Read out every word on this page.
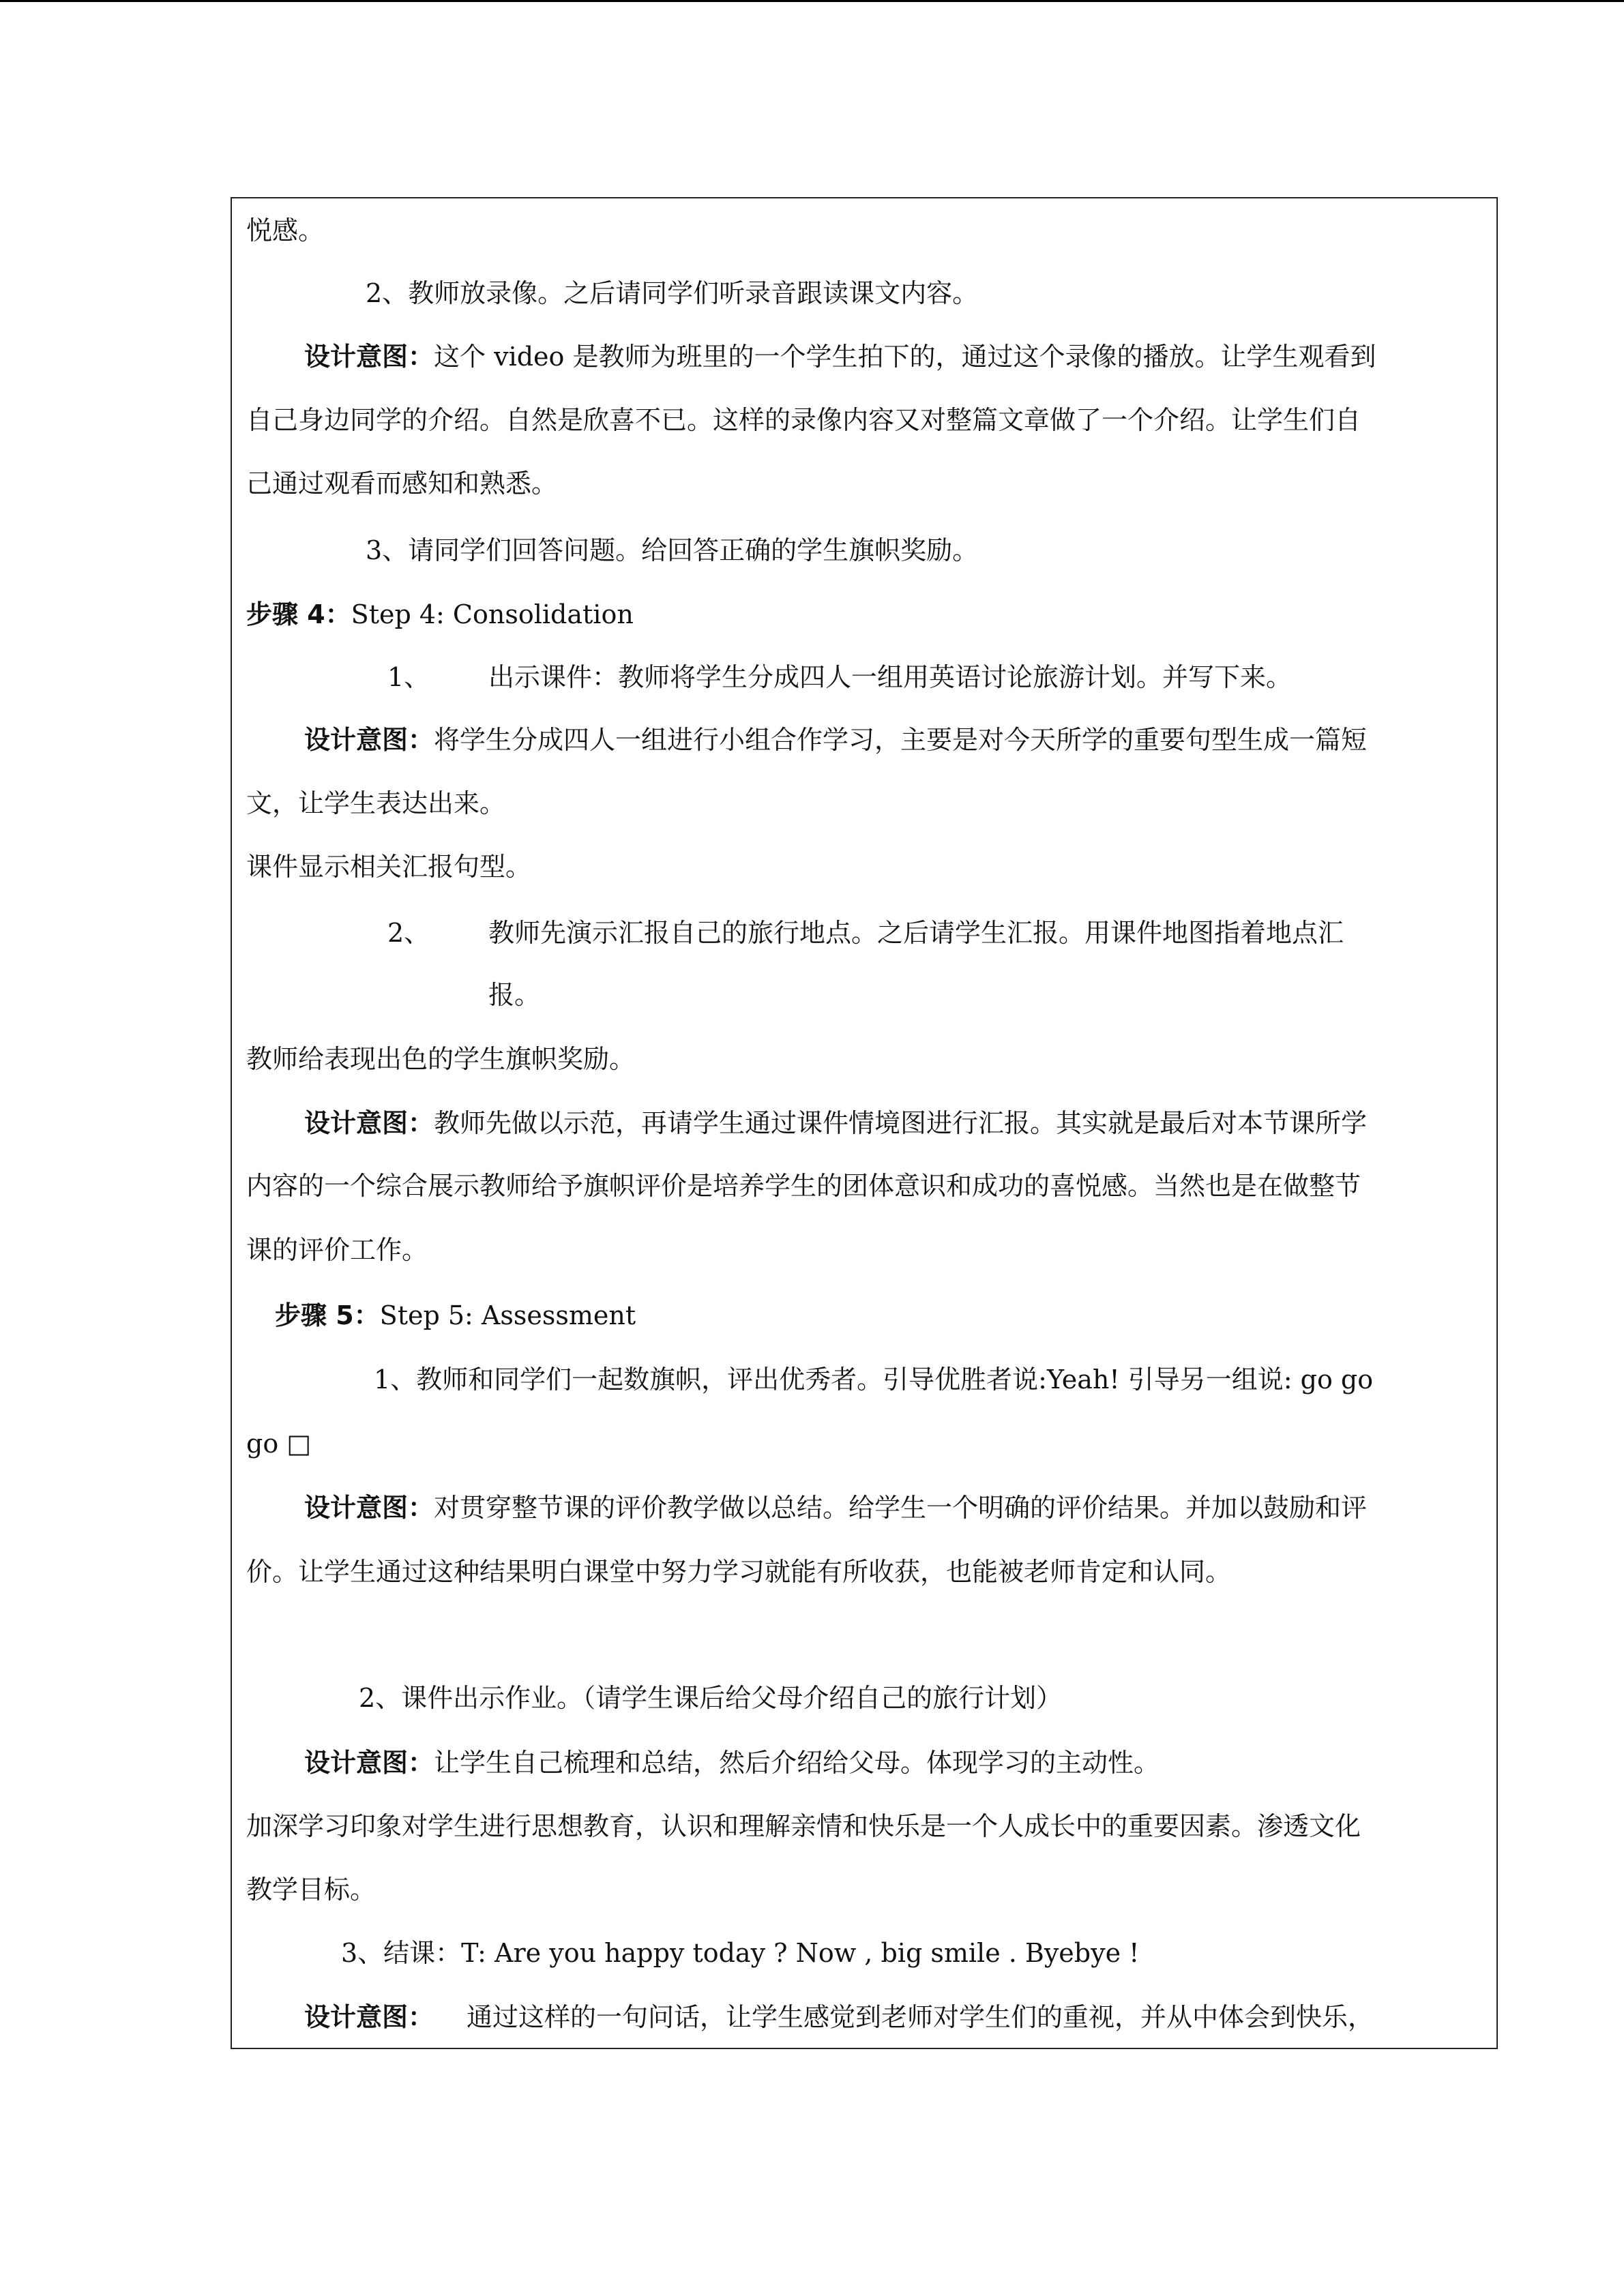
悦感。
2、教师放录像。之后请同学们听录音跟读课文内容。
设计意图：这个 video 是教师为班里的一个学生拍下的，通过这个录像的播放。让学生观看到
自己身边同学的介绍。自然是欣喜不已。这样的录像内容又对整篇文章做了一个介绍。让学生们自
己通过观看而感知和熟悉。
3、请同学们回答问题。给回答正确的学生旗帜奖励。
步骤 4：Step 4: Consolidation
1、 出示课件：教师将学生分成四人一组用英语讨论旅游计划。并写下来。
设计意图：将学生分成四人一组进行小组合作学习，主要是对今天所学的重要句型生成一篇短
文，让学生表达出来。
课件显示相关汇报句型。
2、 教师先演示汇报自己的旅行地点。之后请学生汇报。用课件地图指着地点汇
报。
教师给表现出色的学生旗帜奖励。
设计意图：教师先做以示范，再请学生通过课件情境图进行汇报。其实就是最后对本节课所学
内容的一个综合展示教师给予旗帜评价是培养学生的团体意识和成功的喜悦感。当然也是在做整节
课的评价工作。
步骤 5：Step 5: Assessment
1、教师和同学们一起数旗帜，评出优秀者。引导优胜者说:Yeah! 引导另一组说: go go
go □
设计意图：对贯穿整节课的评价教学做以总结。给学生一个明确的评价结果。并加以鼓励和评
价。让学生通过这种结果明白课堂中努力学习就能有所收获，也能被老师肯定和认同。
2、课件出示作业。（请学生课后给父母介绍自己的旅行计划）
设计意图：让学生自己梳理和总结，然后介绍给父母。体现学习的主动性。
加深学习印象对学生进行思想教育，认识和理解亲情和快乐是一个人成长中的重要因素。渗透文化
教学目标。
3、结课：T: Are you happy today ? Now , big smile . Byebye !
设计意图： 通过这样的一句问话，让学生感觉到老师对学生们的重视，并从中体会到快乐，
